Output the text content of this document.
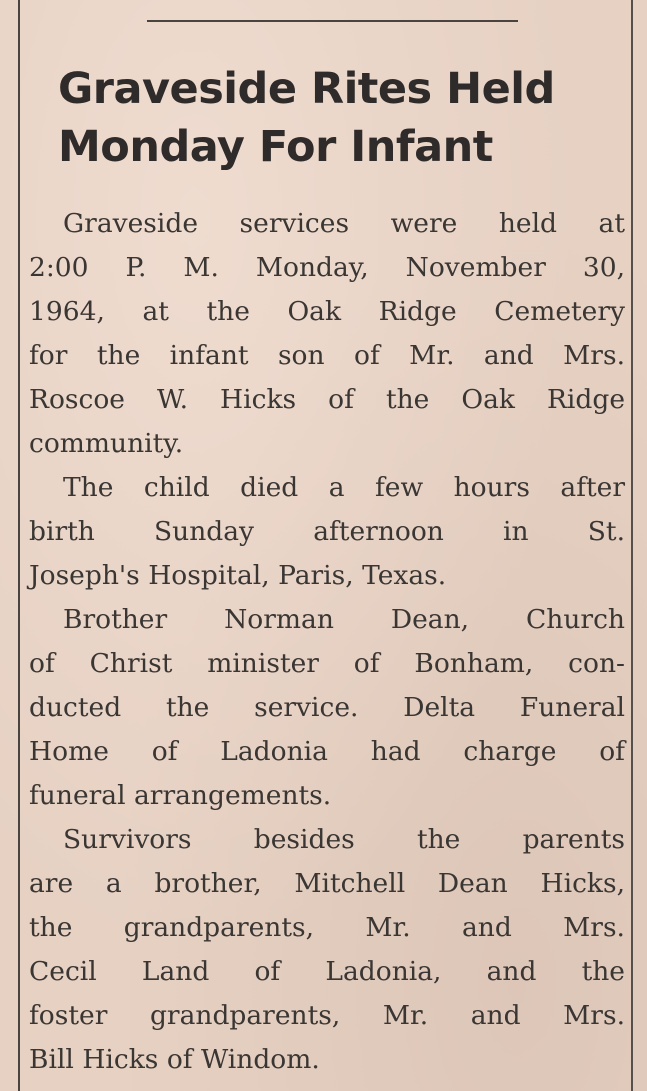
Graveside Rites Held
Monday For Infant

Graveside services were held at
2:00 P. M. Monday, November 30,
1964, at the Oak Ridge Cemetery
for the infant son of Mr. and Mrs.
Roscoe W. Hicks of the Oak Ridge
community.

The child died a few hours after
birth Sunday afternoon in St.
Joseph's Hospital, Paris, Texas.

Brother Norman Dean, Church
of Christ minister of Bonham, con-
ducted the service. Delta Funeral
Home of Ladonia had charge of
funeral arrangements.

Survivors besides the parents
are a brother, Mitchell Dean Hicks,
the grandparents, Mr. and Mrs.
Cecil Land of Ladonia, and the
foster grandparents, Mr. and Mrs.
Bill Hicks of Windom.
